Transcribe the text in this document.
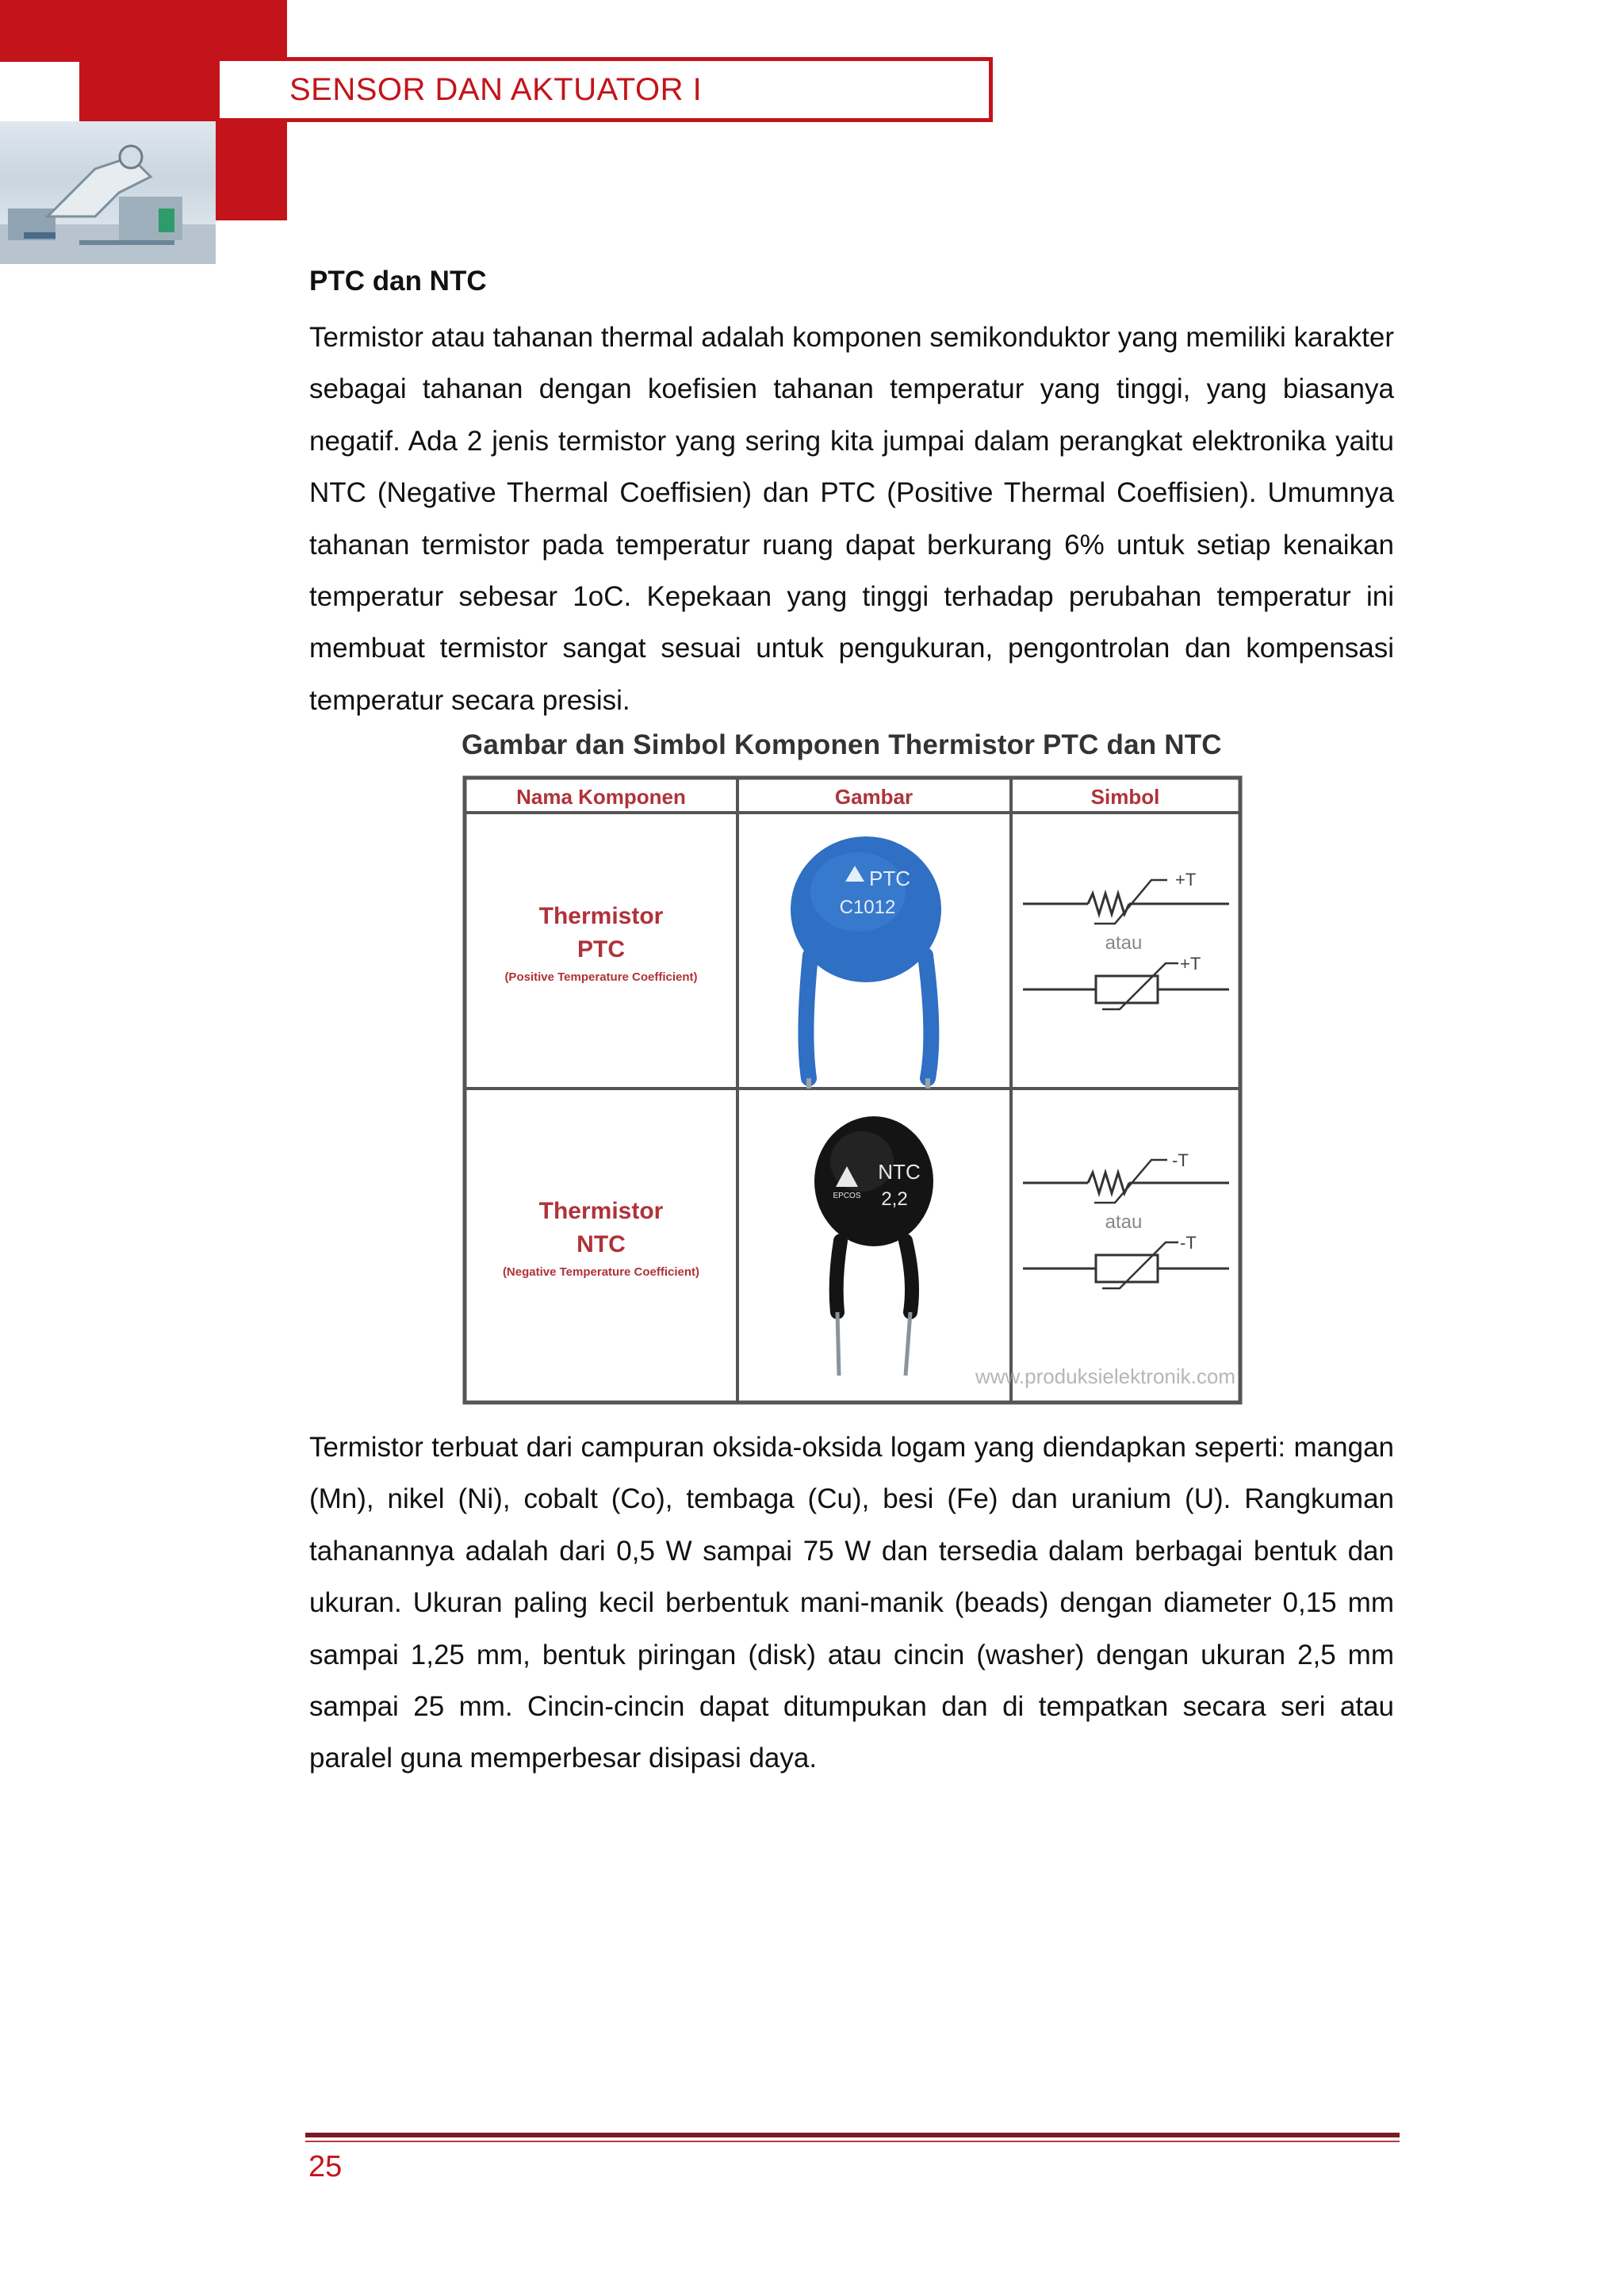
SENSOR DAN AKTUATOR I
PTC dan NTC

Termistor atau tahanan thermal adalah komponen semikonduktor yang memiliki karakter sebagai tahanan dengan koefisien tahanan temperatur yang tinggi, yang biasanya negatif. Ada 2 jenis termistor yang sering kita jumpai dalam perangkat elektronika yaitu NTC (Negative Thermal Coeffisien) dan PTC (Positive Thermal Coeffisien). Umumnya tahanan termistor pada temperatur ruang dapat berkurang 6% untuk setiap kenaikan temperatur sebesar 1oC. Kepekaan yang tinggi terhadap perubahan temperatur ini membuat termistor sangat sesuai untuk pengukuran, pengontrolan dan kompensasi temperatur secara presisi.

Gambar dan Simbol Komponen Thermistor PTC dan NTC
Nama Komponen	Gambar	Simbol
Thermistor
PTC
(Positive Temperature Coefficient)
PTC
C1012
+T
atau
+T
Thermistor
NTC
(Negative Temperature Coefficient)
EPCOS
NTC
2,2
-T
atau
-T
www.produksielektronik.com

Termistor terbuat dari campuran oksida-oksida logam yang diendapkan seperti: mangan (Mn), nikel (Ni), cobalt (Co), tembaga (Cu), besi (Fe) dan uranium (U). Rangkuman tahanannya adalah dari 0,5 W sampai 75 W dan tersedia dalam berbagai bentuk dan ukuran. Ukuran paling kecil berbentuk mani-manik (beads) dengan diameter 0,15 mm sampai 1,25 mm, bentuk piringan (disk) atau cincin (washer) dengan ukuran 2,5 mm sampai 25 mm. Cincin-cincin dapat ditumpukan dan di tempatkan secara seri atau paralel guna memperbesar disipasi daya.

25
